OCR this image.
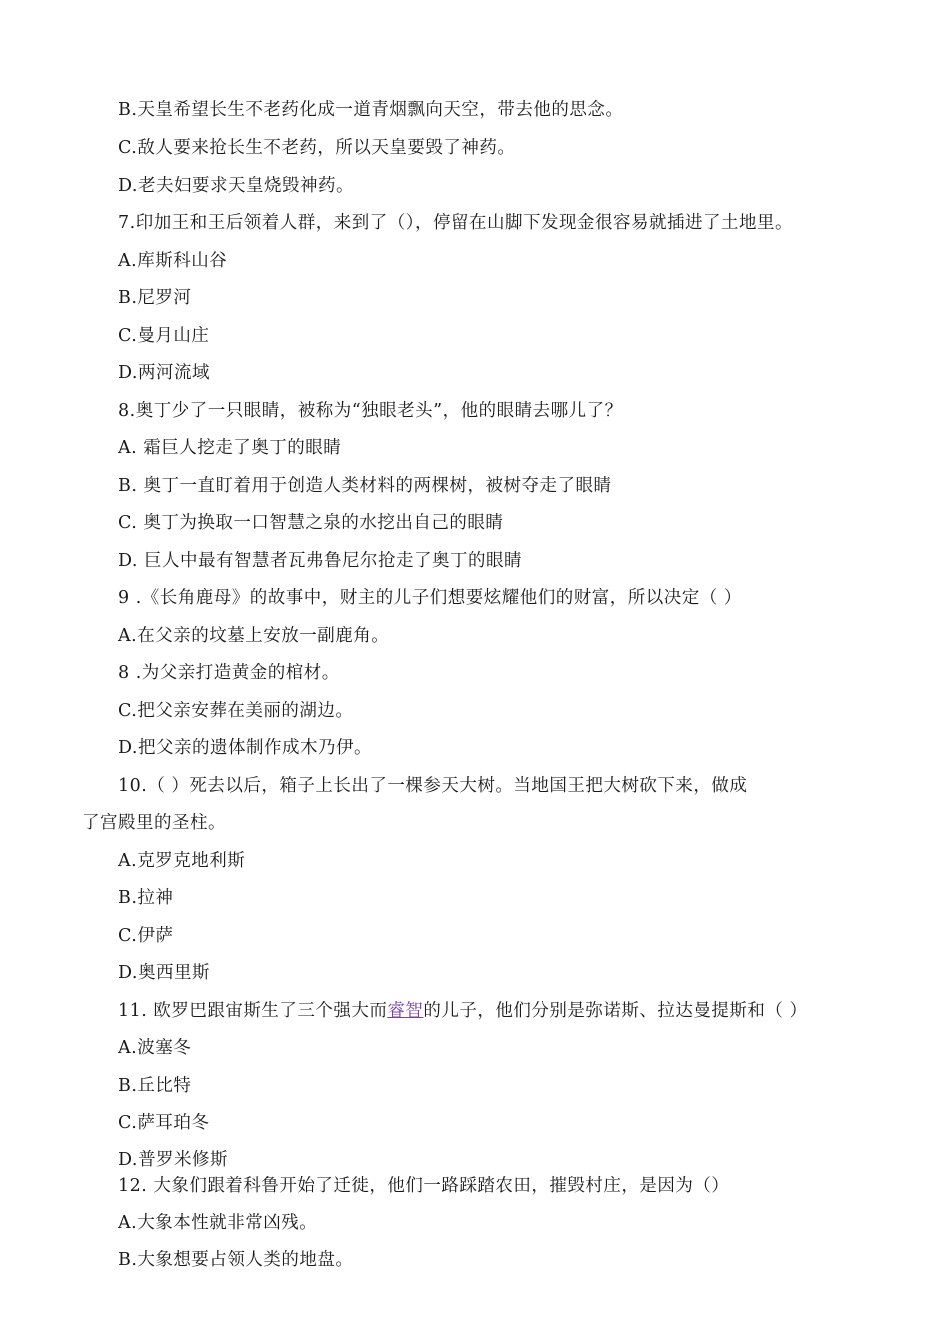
B.天皇希望长生不老药化成一道青烟飘向天空，带去他的思念。
C.敌人要来抢长生不老药，所以天皇要毁了神药。
D.老夫妇要求天皇烧毁神药。
7.印加王和王后领着人群，来到了（），停留在山脚下发现金很容易就插进了土地里。
A.库斯科山谷
B.尼罗河
C.曼月山庄
D.两河流域
8.奥丁少了一只眼睛，被称为“独眼老头”，他的眼睛去哪儿了？
A. 霜巨人挖走了奥丁的眼睛
B. 奥丁一直盯着用于创造人类材料的两棵树，被树夺走了眼睛
C. 奥丁为换取一口智慧之泉的水挖出自己的眼睛
D. 巨人中最有智慧者瓦弗鲁尼尔抢走了奥丁的眼睛
9 .《长角鹿母》的故事中，财主的儿子们想要炫耀他们的财富，所以决定（ ）
A.在父亲的坟墓上安放一副鹿角。
8 .为父亲打造黄金的棺材。
C.把父亲安葬在美丽的湖边。
D.把父亲的遗体制作成木乃伊。
10.（ ）死去以后，箱子上长出了一棵参天大树。当地国王把大树砍下来，做成
了宫殿里的圣柱。
A.克罗克地利斯
B.拉神
C.伊萨
D.奥西里斯
11. 欧罗巴跟宙斯生了三个强大而睿智的儿子，他们分别是弥诺斯、拉达曼提斯和（ ）
A.波塞冬
B.丘比特
C.萨耳珀冬
D.普罗米修斯
12. 大象们跟着科鲁开始了迁徙，他们一路踩踏农田，摧毁村庄，是因为（）
A.大象本性就非常凶残。
B.大象想要占领人类的地盘。
